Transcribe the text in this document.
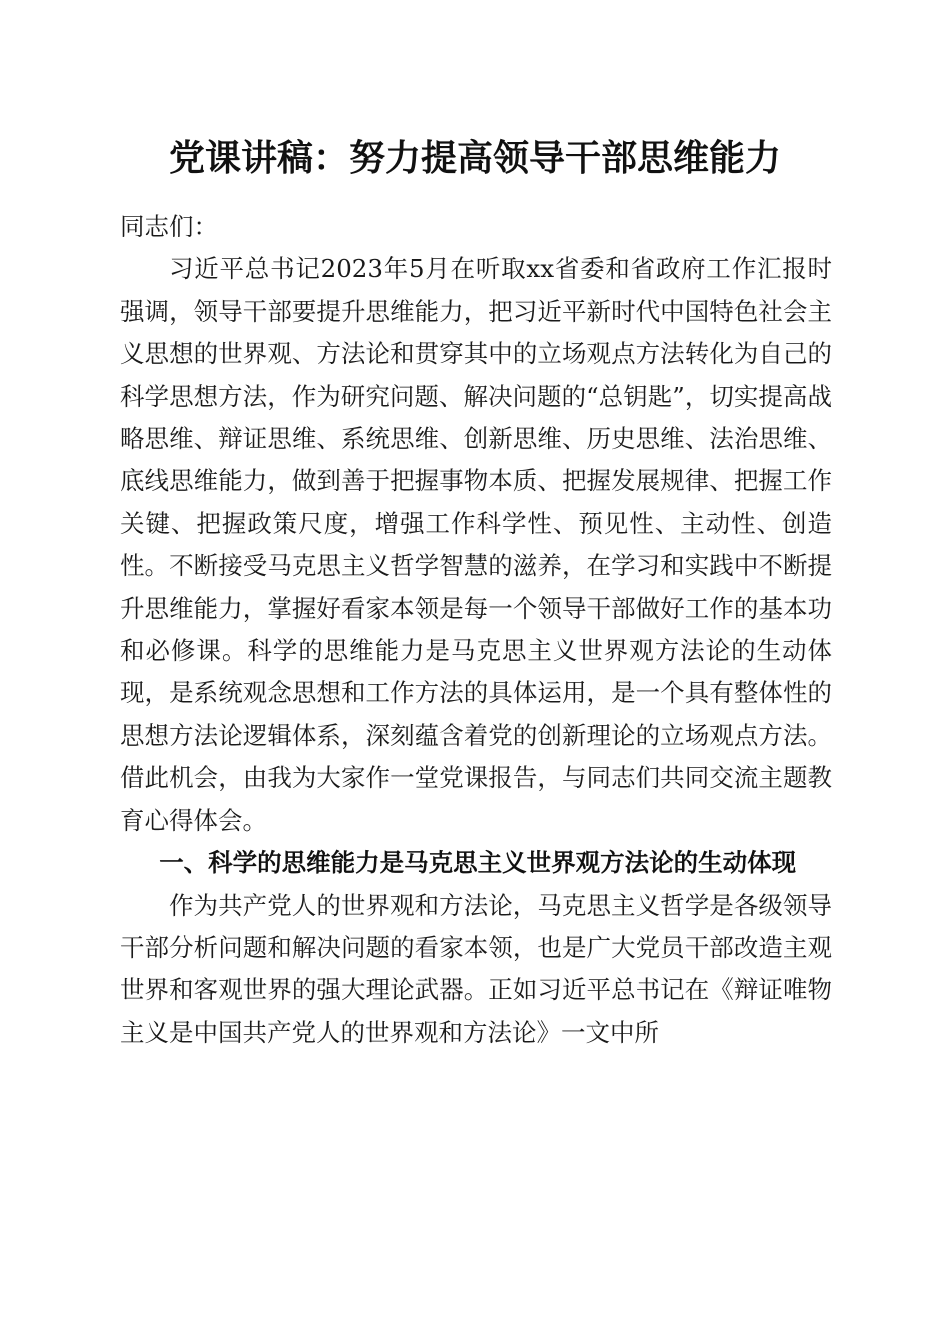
党课讲稿：努力提高领导干部思维能力

同志们：

习近平总书记2023年5月在听取xx省委和省政府工作汇报时强调，领导干部要提升思维能力，把习近平新时代中国特色社会主义思想的世界观、方法论和贯穿其中的立场观点方法转化为自己的科学思想方法，作为研究问题、解决问题的“总钥匙”，切实提高战略思维、辩证思维、系统思维、创新思维、历史思维、法治思维、底线思维能力，做到善于把握事物本质、把握发展规律、把握工作关键、把握政策尺度，增强工作科学性、预见性、主动性、创造性。不断接受马克思主义哲学智慧的滋养，在学习和实践中不断提升思维能力，掌握好看家本领是每一个领导干部做好工作的基本功和必修课。科学的思维能力是马克思主义世界观方法论的生动体现，是系统观念思想和工作方法的具体运用，是一个具有整体性的思想方法论逻辑体系，深刻蕴含着党的创新理论的立场观点方法。借此机会，由我为大家作一堂党课报告，与同志们共同交流主题教育心得体会。

一、科学的思维能力是马克思主义世界观方法论的生动体现

作为共产党人的世界观和方法论，马克思主义哲学是各级领导干部分析问题和解决问题的看家本领，也是广大党员干部改造主观世界和客观世界的强大理论武器。正如习近平总书记在《辩证唯物主义是中国共产党人的世界观和方法论》一文中所
